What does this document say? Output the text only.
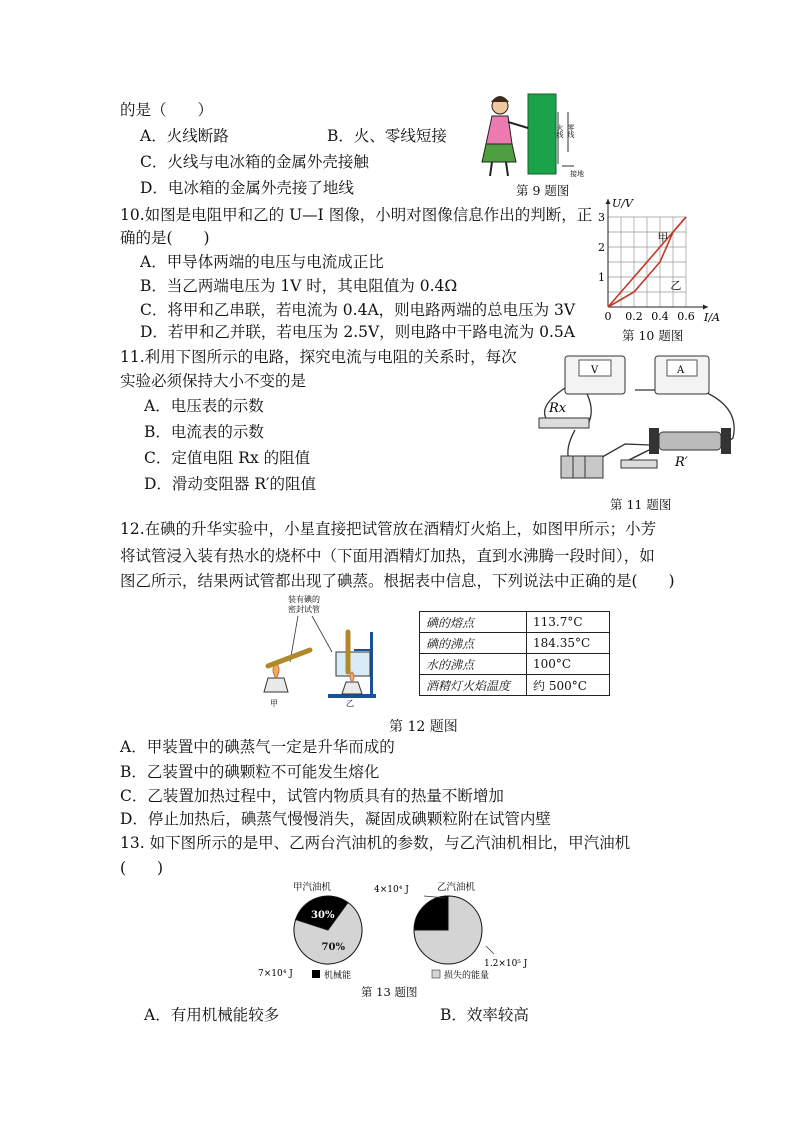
的是（　　）
A．火线断路	B．火、零线短接
C．火线与电冰箱的金属外壳接触
D．电冰箱的金属外壳接了地线
火线 零线
接地
第 9 题图
10.如图是电阻甲和乙的 U—I 图像，小明对图像信息作出的判断，正
确的是(　　)
A．甲导体两端的电压与电流成正比
B．当乙两端电压为 1V 时，其电阻值为 0.4Ω
C．将甲和乙串联，若电流为 0.4A，则电路两端的总电压为 3V
D．若甲和乙并联，若电压为 2.5V，则电路中干路电流为 0.5A
甲
乙
0 0.2 0.4 0.6
1
2
3
I/A
U/V
第 10 题图
11.利用下图所示的电路，探究电流与电阻的关系时，每次
实验必须保持大小不变的是
A．电压表的示数
B．电流表的示数
C．定值电阻 Rx 的阻值
D．滑动变阻器 R′的阻值
V	A
Rx
R′
第 11 题图
12.在碘的升华实验中，小星直接把试管放在酒精灯火焰上，如图甲所示；小芳
将试管浸入装有热水的烧杯中（下面用酒精灯加热，直到水沸腾一段时间），如
图乙所示，结果两试管都出现了碘蒸。根据表中信息，下列说法中正确的是(　　)
装有碘的
密封试管
甲	乙
碘的熔点	113.7°C
碘的沸点	184.35°C
水的沸点	100°C
酒精灯火焰温度	约 500°C
第 12 题图
A．甲装置中的碘蒸气一定是升华而成的
B．乙装置中的碘颗粒不可能发生熔化
C．乙装置加热过程中，试管内物质具有的热量不断增加
D．停止加热后，碘蒸气慢慢消失，凝固成碘颗粒附在试管内壁
13. 如下图所示的是甲、乙两台汽油机的参数，与乙汽油机相比，甲汽油机
(　　)
甲汽油机	乙汽油机
30%
70%
7×10⁴ J
4×10⁴ J
1.2×10⁵ J
机械能	损失的能量
第 13 题图
A．有用机械能较多	B．效率较高
